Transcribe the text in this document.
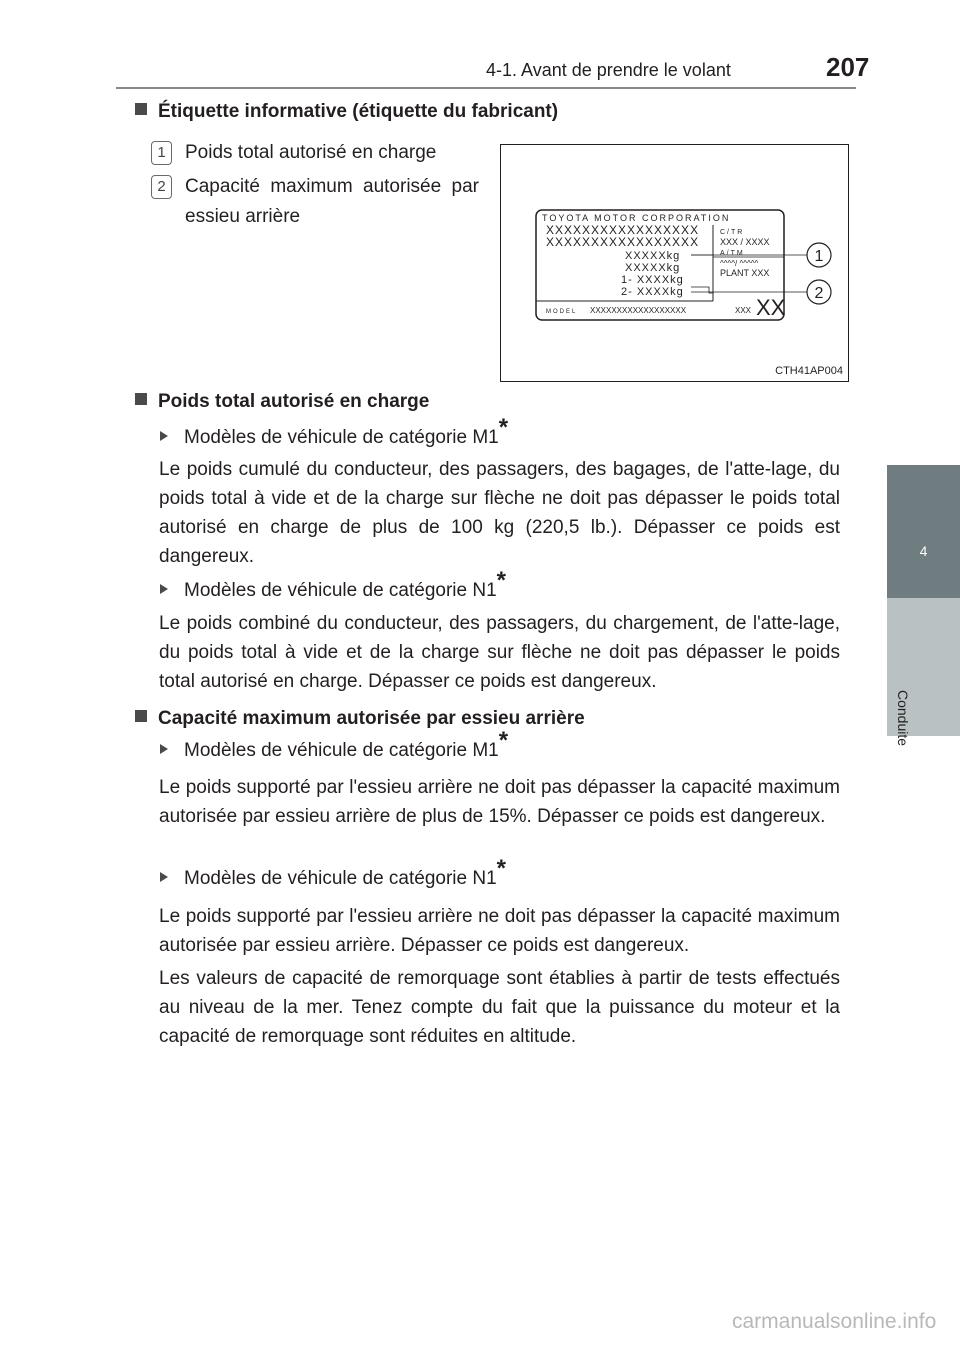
4-1. Avant de prendre le volant	207
4
Conduite
Étiquette informative (étiquette du fabricant)
1	Poids total autorisé en charge
2	Capacité maximum autorisée par essieu arrière	TOYOTA MOTOR CORPORATION
XXXXXXXXXXXXXXXXX
XXXXXXXXXXXXXXXXX
XXXXXkg
XXXXXkg
1- XXXXkg
2- XXXXkg
C/TR
XXX / XXXX
A/TM
^^^^/ ^^^^^
PLANT XXX
MODEL XXXXXXXXXXXXXXXXXX	XXX XX
1
2
CTH41AP004
Poids total autorisé en charge
Modèles de véhicule de catégorie M1*
Le poids cumulé du conducteur, des passagers, des bagages, de l'atte-lage, du poids total à vide et de la charge sur flèche ne doit pas dépasser le poids total autorisé en charge de plus de 100 kg (220,5 lb.). Dépasser ce poids est dangereux.
Modèles de véhicule de catégorie N1*
Le poids combiné du conducteur, des passagers, du chargement, de l'atte-lage, du poids total à vide et de la charge sur flèche ne doit pas dépasser le poids total autorisé en charge. Dépasser ce poids est dangereux.
Capacité maximum autorisée par essieu arrière
Modèles de véhicule de catégorie M1*
Le poids supporté par l'essieu arrière ne doit pas dépasser la capacité maximum autorisée par essieu arrière de plus de 15%. Dépasser ce poids est dangereux.
Modèles de véhicule de catégorie N1*
Le poids supporté par l'essieu arrière ne doit pas dépasser la capacité maximum autorisée par essieu arrière. Dépasser ce poids est dangereux.
Les valeurs de capacité de remorquage sont établies à partir de tests effectués au niveau de la mer. Tenez compte du fait que la puissance du moteur et la capacité de remorquage sont réduites en altitude.
carmanualsonline.info
